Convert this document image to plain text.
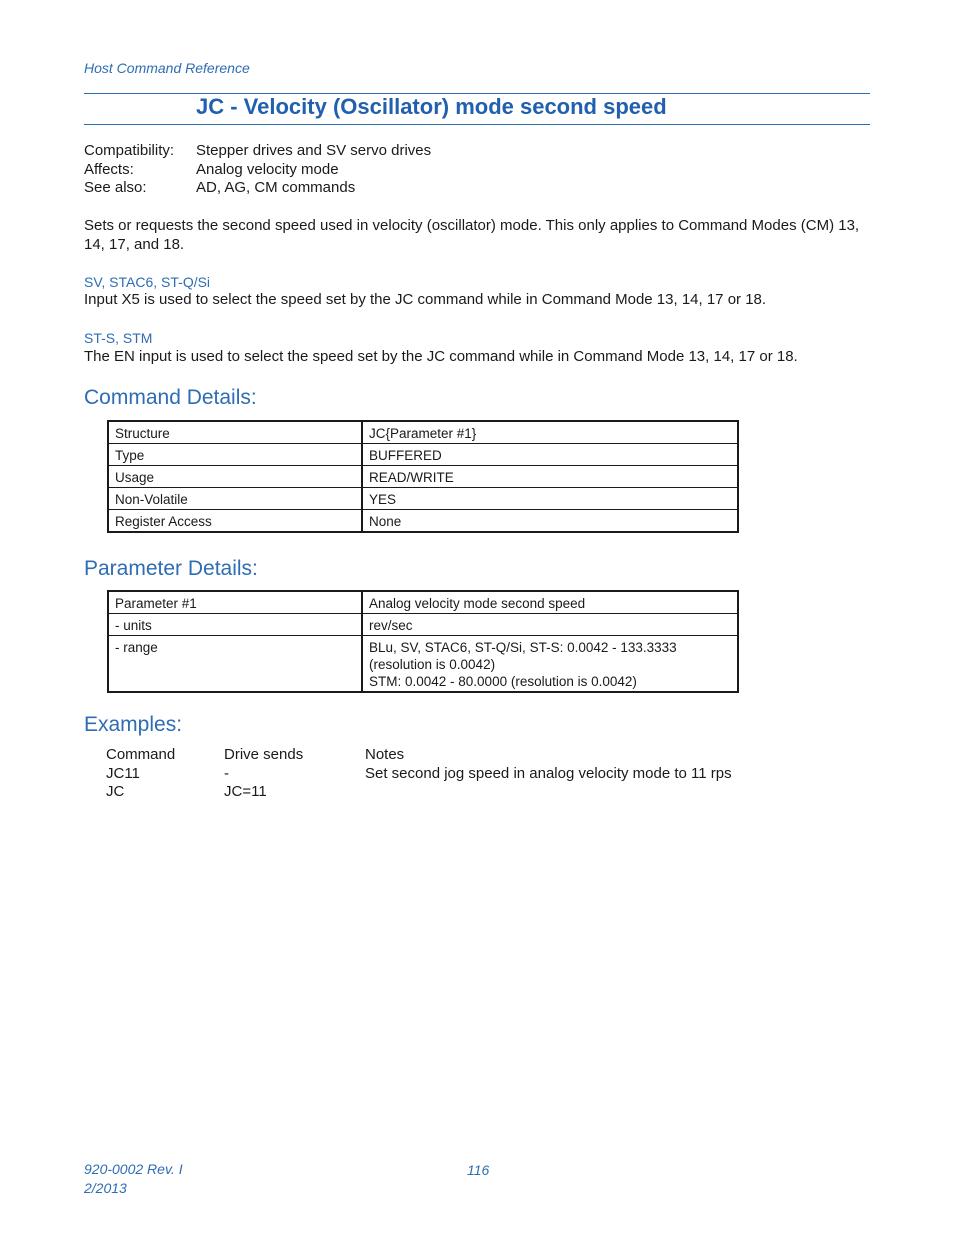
Host Command Reference
JC - Velocity (Oscillator) mode second speed
Compatibility:	Stepper drives and SV servo drives
Affects:	Analog velocity mode
See also:	AD, AG, CM commands
Sets or requests the second speed used in velocity (oscillator) mode. This only applies to Command Modes (CM) 13, 14, 17, and 18.
SV, STAC6, ST-Q/Si
Input X5 is used to select the speed set by the JC command while in Command Mode 13, 14, 17 or 18.
ST-S, STM
The EN input is used to select the speed set by the JC command while in Command Mode 13, 14, 17 or 18.
Command Details:
Structure	JC{Parameter #1}
Type	BUFFERED
Usage	READ/WRITE
Non-Volatile	YES
Register Access	None
Parameter Details:
Parameter #1	Analog velocity mode second speed
- units	rev/sec
- range	BLu, SV, STAC6, ST-Q/Si, ST-S: 0.0042 - 133.3333
(resolution is 0.0042)
STM: 0.0042 - 80.0000 (resolution is 0.0042)
Examples:
Command	Drive sends	Notes
JC11	-	Set second jog speed in analog velocity mode to 11 rps
JC	JC=11
920-0002 Rev. I
2/2013
116
